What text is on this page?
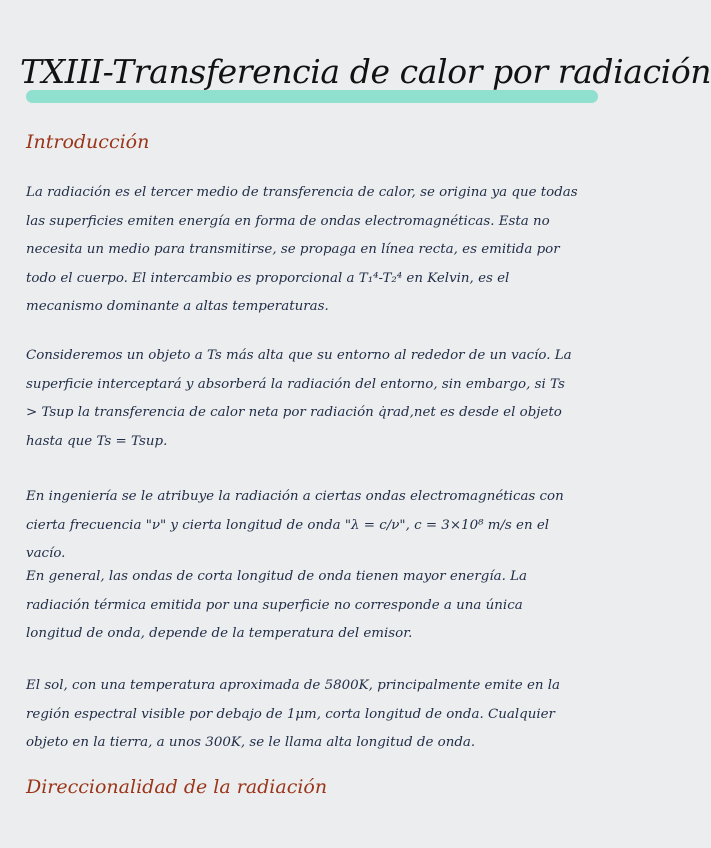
TXIII-Transferencia de calor por radiación
Introducción

La radiación es el tercer medio de transferencia de calor, se origina ya que todas las superficies emiten energía en forma de ondas electromagnéticas. Esta no necesita un medio para transmitirse, se propaga en línea recta, es emitida por todo el cuerpo. El intercambio es proporcional a T₁⁴-T₂⁴ en Kelvin, es el mecanismo dominante a altas temperaturas.

Consideremos un objeto a Ts más alta que su entorno al rededor de un vacío. La superficie interceptará y absorberá la radiación del entorno, sin embargo, si Ts > Tsup la transferencia de calor neta por radiación q̇rad,net es desde el objeto hasta que Ts = Tsup.

En ingeniería se le atribuye la radiación a ciertas ondas electromagnéticas con cierta frecuencia "ν" y cierta longitud de onda "λ = c/ν", c = 3×10⁸ m/s en el vacío.

En general, las ondas de corta longitud de onda tienen mayor energía. La radiación térmica emitida por una superficie no corresponde a una única longitud de onda, depende de la temperatura del emisor.

El sol, con una temperatura aproximada de 5800K, principalmente emite en la región espectral visible por debajo de 1μm, corta longitud de onda. Cualquier objeto en la tierra, a unos 300K, se le llama alta longitud de onda.

Direccionalidad de la radiación
